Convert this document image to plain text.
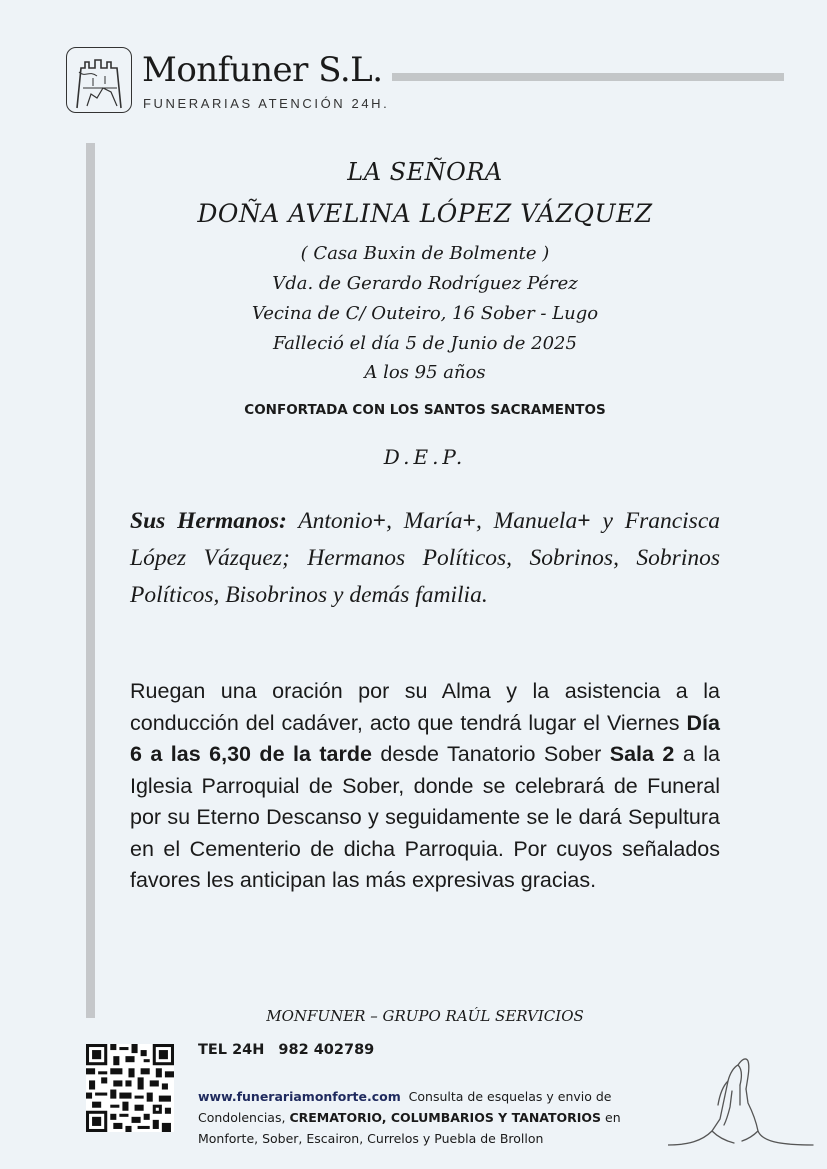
Monfuner S.L.
FUNERARIAS ATENCIÓN 24H.
LA SEÑORA
DOÑA AVELINA LÓPEZ VÁZQUEZ
( Casa Buxin de Bolmente )
Vda. de Gerardo Rodríguez Pérez
Vecina de C/ Outeiro, 16 Sober - Lugo
Falleció el día 5 de Junio de 2025
A los 95 años
CONFORTADA CON LOS SANTOS SACRAMENTOS
D.E.P.

Sus Hermanos: Antonio+, María+, Manuela+ y Francisca López Vázquez; Hermanos Políticos, Sobrinos, Sobrinos Políticos, Bisobrinos y demás familia.

Ruegan una oración por su Alma y la asistencia a la conducción del cadáver, acto que tendrá lugar el Viernes Día 6 a las 6,30 de la tarde desde Tanatorio Sober Sala 2 a la Iglesia Parroquial de Sober, donde se celebrará de Funeral por su Eterno Descanso y seguidamente se le dará Sepultura en el Cementerio de dicha Parroquia. Por cuyos señalados favores les anticipan las más expresivas gracias.

MONFUNER – GRUPO RAÚL SERVICIOS
TEL 24H 982 402789

www.funerariamonforte.com Consulta de esquelas y envio de Condolencias, CREMATORIO, COLUMBARIOS Y TANATORIOS en Monforte, Sober, Escairon, Currelos y Puebla de Brollon
